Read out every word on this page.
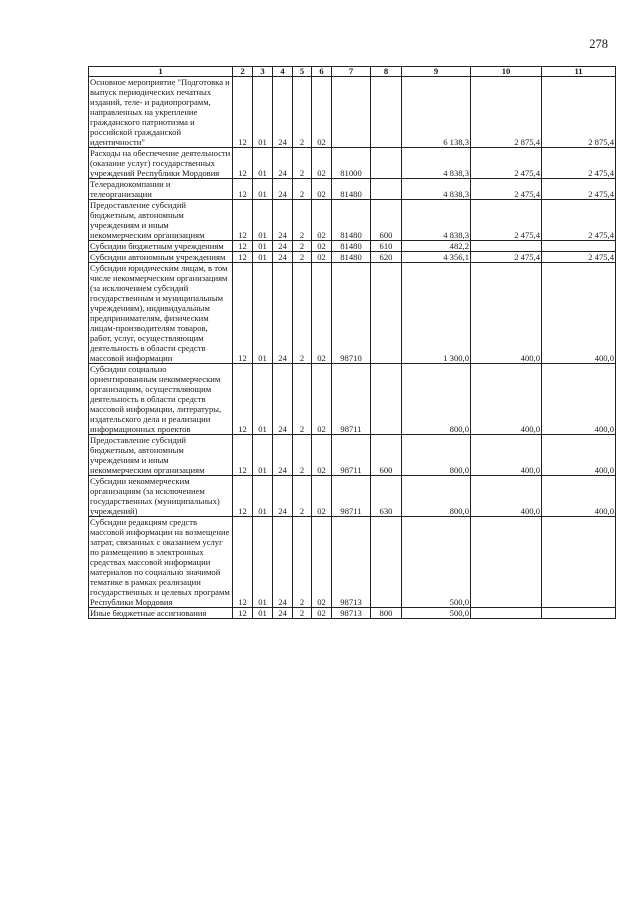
278
1	2	3	4	5	6	7	8	9	10	11
Основное мероприятие "Подготовка и выпуск периодических печатных изданий, теле- и радиопрограмм, направленных на укрепление гражданского патриотизма и российской гражданской идентичности"	12	01	24	2	02			6 138,3	2 875,4	2 875,4
Расходы на обеспечение деятельности (оказание услуг) государственных учреждений Республики Мордовия	12	01	24	2	02	81000		4 838,3	2 475,4	2 475,4
Телерадиокомпании и телеорганизации	12	01	24	2	02	81480		4 838,3	2 475,4	2 475,4
Предоставление субсидий бюджетным, автономным учреждениям и иным некоммерческим организациям	12	01	24	2	02	81480	600	4 838,3	2 475,4	2 475,4
Субсидии бюджетным учреждениям	12	01	24	2	02	81480	610	482,2		
Субсидии автономным учреждениям	12	01	24	2	02	81480	620	4 356,1	2 475,4	2 475,4
Субсидии юридическим лицам, в том числе некоммерческим организациям (за исключением субсидий государственным и муниципальным учреждениям), индивидуальным предпринимателям, физическим лицам-производителям товаров, работ, услуг, осуществляющим деятельность в области средств массовой информации	12	01	24	2	02	98710		1 300,0	400,0	400,0
Субсидии социально ориентированным некоммерческим организациям, осуществляющим деятельность в области средств массовой информации, литературы, издательского дела и реализации информационных проектов	12	01	24	2	02	98711		800,0	400,0	400,0
Предоставление субсидий бюджетным, автономным учреждениям и иным некоммерческим организациям	12	01	24	2	02	98711	600	800,0	400,0	400,0
Субсидии некоммерческим организациям (за исключением государственных (муниципальных) учреждений)	12	01	24	2	02	98711	630	800,0	400,0	400,0
Субсидии редакциям средств массовой информации на возмещение затрат, связанных с оказанием услуг по размещению в электронных средствах массовой информации материалов по социально значимой тематике в рамках реализации государственных и целевых программ Республики Мордовия	12	01	24	2	02	98713		500,0		
Иные бюджетные ассигнования	12	01	24	2	02	98713	800	500,0		
